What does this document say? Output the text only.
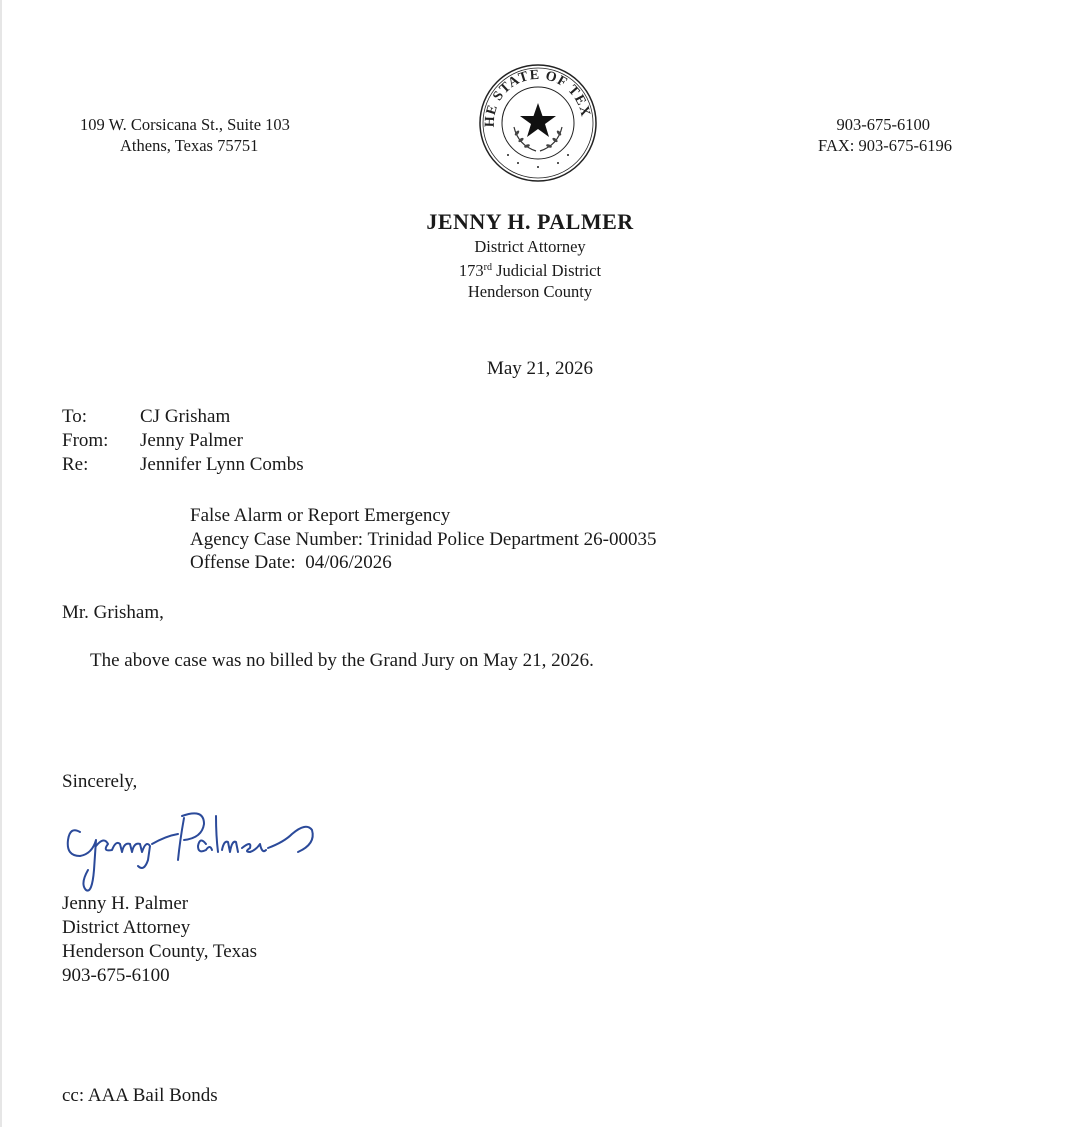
109 W. Corsicana St., Suite 103
Athens, Texas 75751
HE STATE OF TEX
903-675-6100
FAX: 903-675-6196
JENNY H. PALMER
District Attorney
173rd Judicial District
Henderson County
May 21, 2026
To:	CJ Grisham
From: Jenny Palmer
Re:	Jennifer Lynn Combs
False Alarm or Report Emergency
Agency Case Number: Trinidad Police Department 26-00035
Offense Date:  04/06/2026
Mr. Grisham,
The above case was no billed by the Grand Jury on May 21, 2026.
Sincerely,
Jenny H. Palmer
District Attorney
Henderson County, Texas
903-675-6100
cc: AAA Bail Bonds
